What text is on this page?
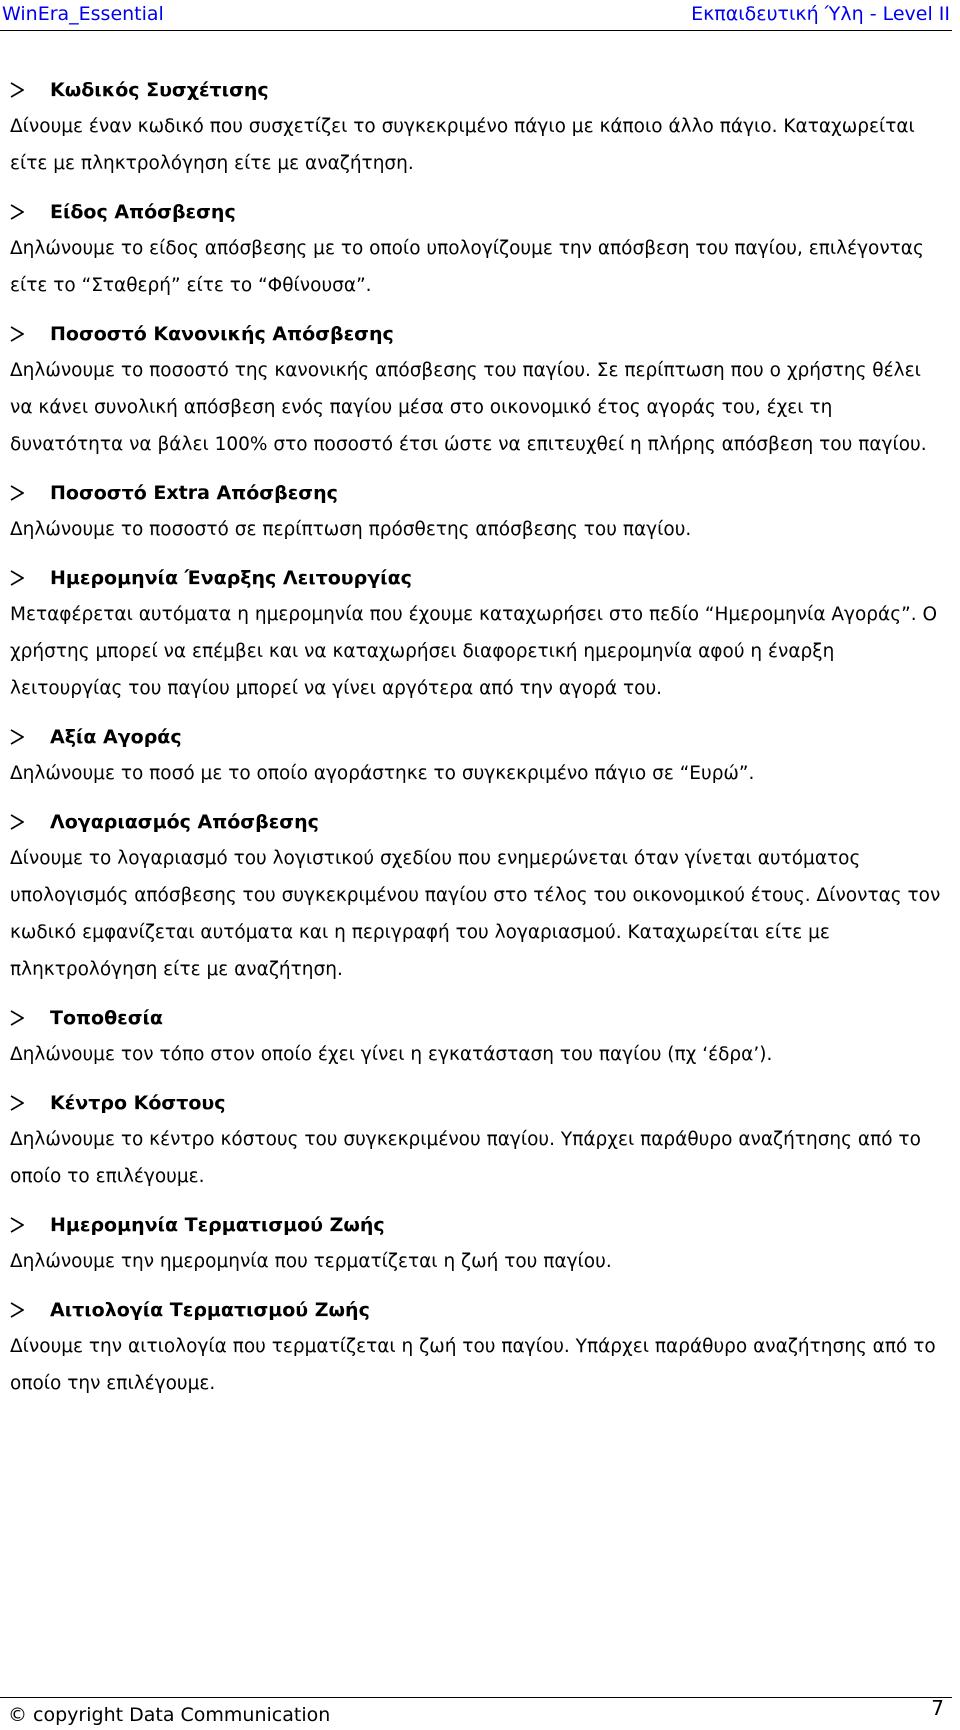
WinEra_Essential	Εκπαιδευτική Ύλη - Level II
Κωδικός Συσχέτισης

Δίνουμε έναν κωδικό που συσχετίζει το συγκεκριμένο πάγιο με κάποιο άλλο πάγιο. Καταχωρείται είτε με πληκτρολόγηση είτε με αναζήτηση.

Είδος Απόσβεσης

Δηλώνουμε το είδος απόσβεσης με το οποίο υπολογίζουμε την απόσβεση του παγίου, επιλέγοντας είτε το “Σταθερή” είτε το “Φθίνουσα”.

Ποσοστό Κανονικής Απόσβεσης

Δηλώνουμε το ποσοστό της κανονικής απόσβεσης του παγίου. Σε περίπτωση που ο χρήστης θέλει να κάνει συνολική απόσβεση ενός παγίου μέσα στο οικονομικό έτος αγοράς του, έχει τη δυνατότητα να βάλει 100% στο ποσοστό έτσι ώστε να επιτευχθεί η πλήρης απόσβεση του παγίου.

Ποσοστό Extra Απόσβεσης

Δηλώνουμε το ποσοστό σε περίπτωση πρόσθετης απόσβεσης του παγίου.

Ημερομηνία Έναρξης Λειτουργίας

Μεταφέρεται αυτόματα η ημερομηνία που έχουμε καταχωρήσει στο πεδίο “Ημερομηνία Αγοράς”. Ο χρήστης μπορεί να επέμβει και να καταχωρήσει διαφορετική ημερομηνία αφού η έναρξη λειτουργίας του παγίου μπορεί να γίνει αργότερα από την αγορά του.

Αξία Αγοράς

Δηλώνουμε το ποσό με το οποίο αγοράστηκε το συγκεκριμένο πάγιο σε “Ευρώ”.

Λογαριασμός Απόσβεσης

Δίνουμε το λογαριασμό του λογιστικού σχεδίου που ενημερώνεται όταν γίνεται αυτόματος υπολογισμός απόσβεσης του συγκεκριμένου παγίου στο τέλος του οικονομικού έτους. Δίνοντας τον κωδικό εμφανίζεται αυτόματα και η περιγραφή του λογαριασμού. Καταχωρείται είτε με πληκτρολόγηση είτε με αναζήτηση.

Τοποθεσία

Δηλώνουμε τον τόπο στον οποίο έχει γίνει η εγκατάσταση του παγίου (πχ ‘έδρα’).

Κέντρο Κόστους

Δηλώνουμε το κέντρο κόστους του συγκεκριμένου παγίου. Υπάρχει παράθυρο αναζήτησης από το οποίο το επιλέγουμε.

Ημερομηνία Τερματισμού Ζωής

Δηλώνουμε την ημερομηνία που τερματίζεται η ζωή του παγίου.

Αιτιολογία Τερματισμού Ζωής

Δίνουμε την αιτιολογία που τερματίζεται η ζωή του παγίου. Υπάρχει παράθυρο αναζήτησης από το οποίο την επιλέγουμε.

© copyright Data Communication	7
